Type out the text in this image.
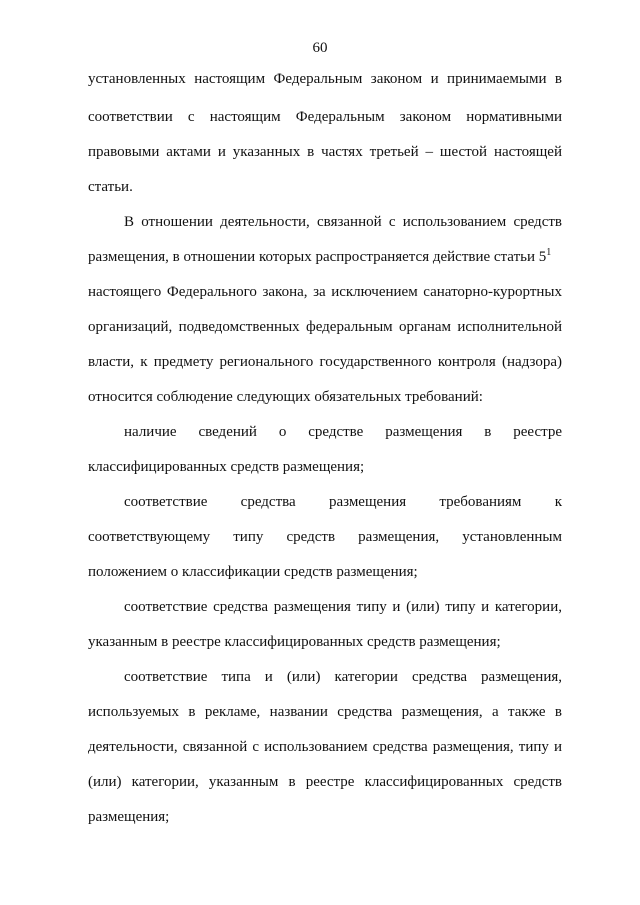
60
установленных настоящим Федеральным законом и принимаемыми в
соответствии с настоящим Федеральным законом нормативными
правовыми актами и указанных в частях третьей – шестой настоящей
статьи.
В отношении деятельности, связанной с использованием средств
размещения, в отношении которых распространяется действие статьи $5^1$
настоящего Федерального закона, за исключением санаторно-курортных
организаций, подведомственных федеральным органам исполнительной
власти, к предмету регионального государственного контроля (надзора)
относится соблюдение следующих обязательных требований:
наличие сведений о средстве размещения в реестре
классифицированных средств размещения;
соответствие средства размещения требованиям к
соответствующему типу средств размещения, установленным
положением о классификации средств размещения;
соответствие средства размещения типу и (или) типу и категории,
указанным в реестре классифицированных средств размещения;
соответствие типа и (или) категории средства размещения,
используемых в рекламе, названии средства размещения, а также в
деятельности, связанной с использованием средства размещения, типу и
(или) категории, указанным в реестре классифицированных средств
размещения;
